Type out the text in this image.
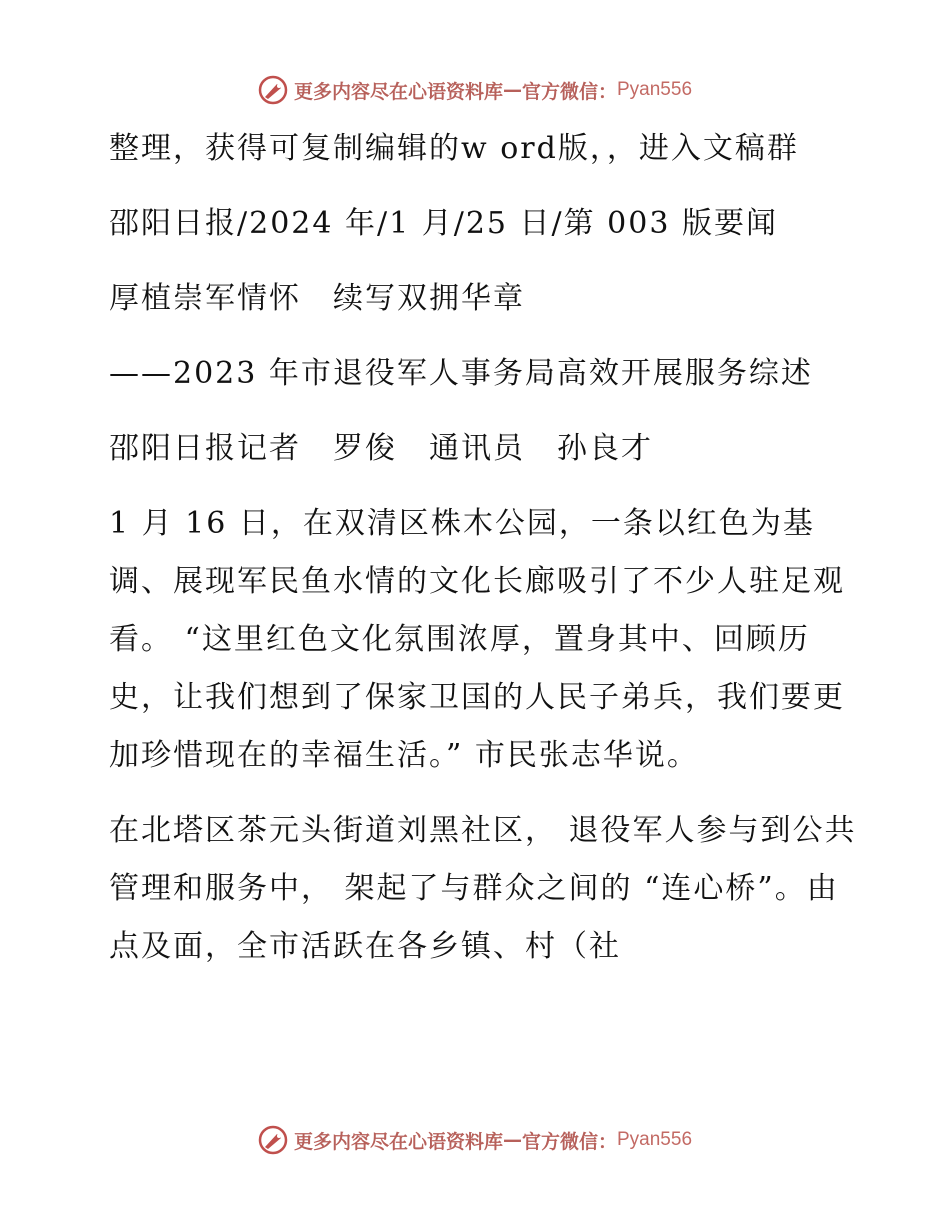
更多内容尽在心语资料库 — 官方微信： Pyan556

整理，获得可复制编辑的w ord版，，进入文稿群

邵阳日报/2024 年/1 月/25 日/第 003 版要闻

厚植崇军情怀　续写双拥华章

——2023 年市退役军人事务局高效开展服务综述

邵阳日报记者　罗俊　通讯员　孙良才

1 月 16 日，在双清区株木公园，一条以红色为基调、展现军民鱼水情的文化长廊吸引了不少人驻足观看。 “这里红色文化氛围浓厚，置身其中、回顾历史，让我们想到了保家卫国的人民子弟兵，我们要更加珍惜现在的幸福生活。” 市民张志华说。

在北塔区茶元头街道刘黑社区， 退役军人参与到公共管理和服务中， 架起了与群众之间的 “连心桥”。由点及面，全市活跃在各乡镇、村（社

更多内容尽在心语资料库 — 官方微信： Pyan556
